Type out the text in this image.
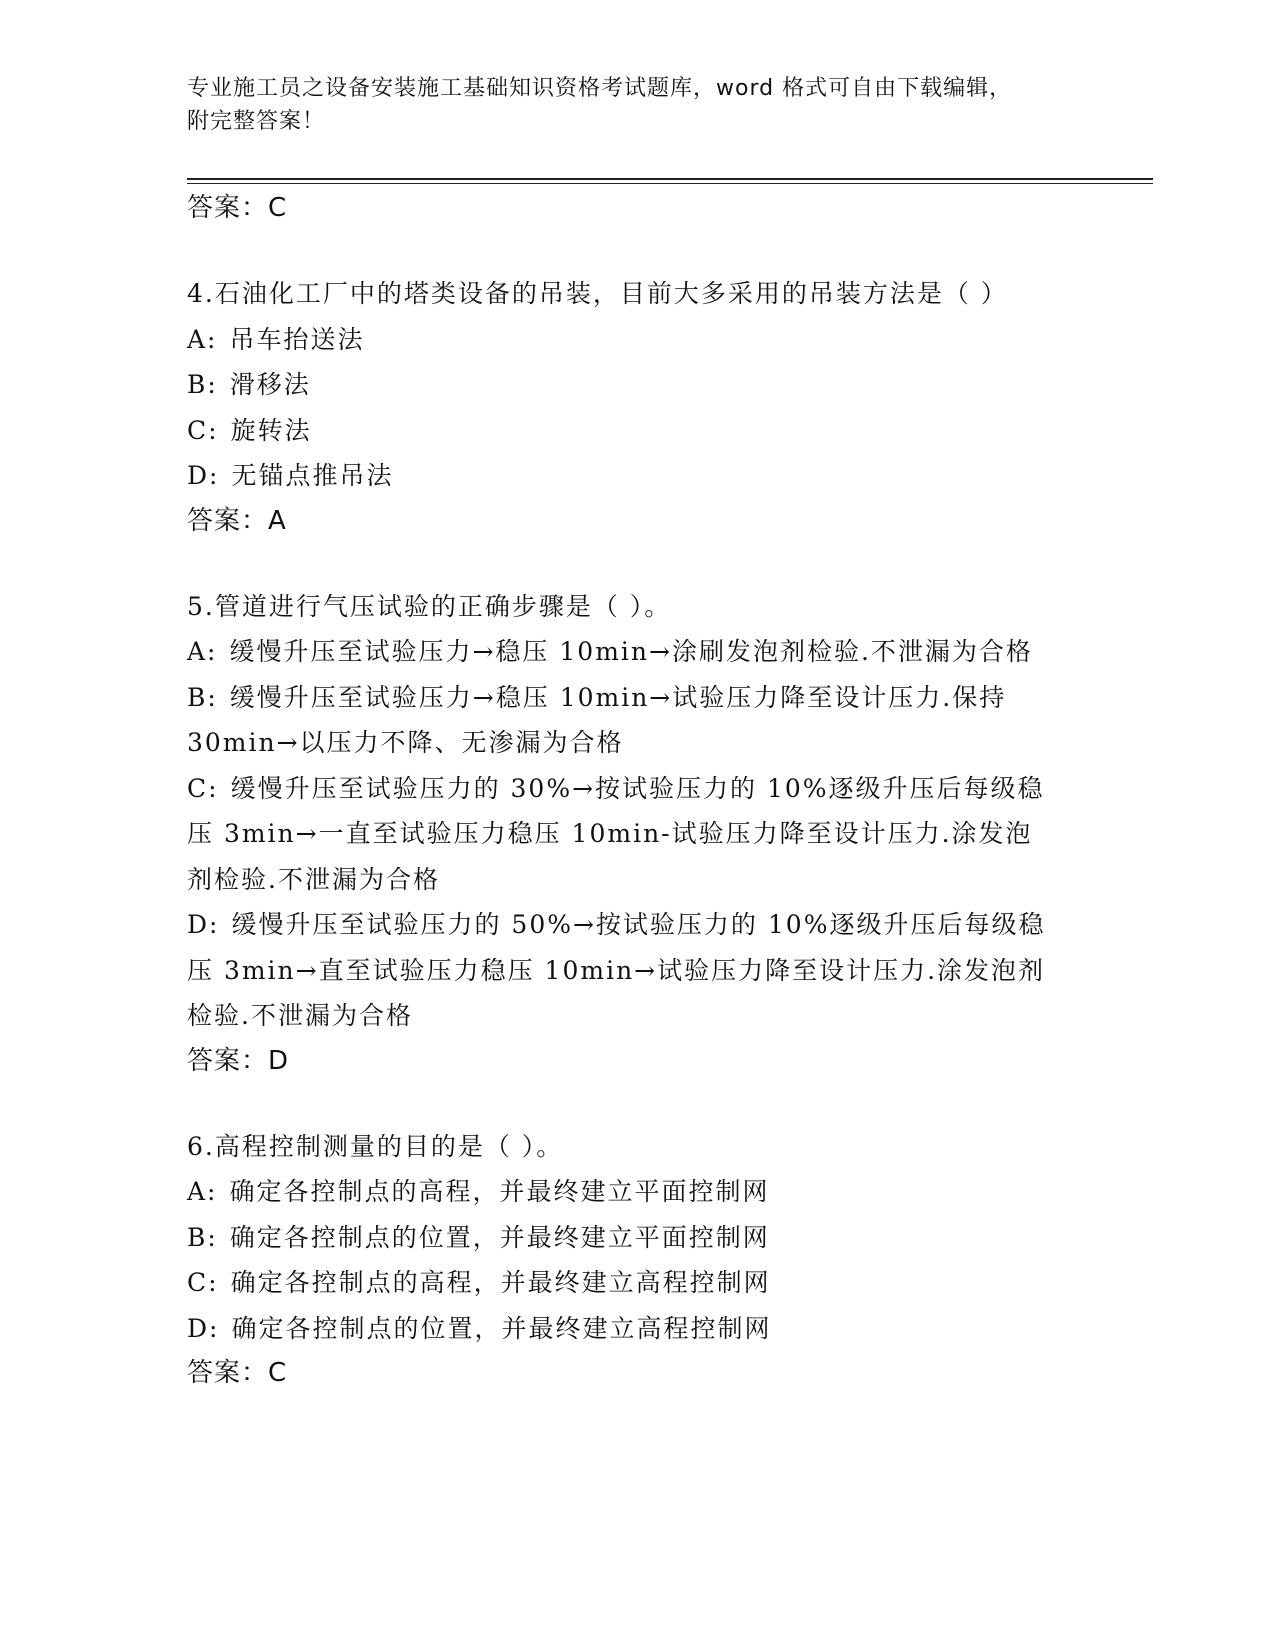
专业施工员之设备安装施工基础知识资格考试题库，word 格式可自由下载编辑，
附完整答案！

答案：C

4.石油化工厂中的塔类设备的吊装，目前大多采用的吊装方法是（ ）

A: 吊车抬送法
B: 滑移法
C: 旋转法
D: 无锚点推吊法

答案：A

5.管道进行气压试验的正确步骤是（ ）。

A: 缓慢升压至试验压力→稳压 10min→涂刷发泡剂检验.不泄漏为合格
B: 缓慢升压至试验压力→稳压 10min→试验压力降至设计压力.保持
30min→以压力不降、无渗漏为合格
C: 缓慢升压至试验压力的 30%→按试验压力的 10%逐级升压后每级稳
压 3min→一直至试验压力稳压 10min-试验压力降至设计压力.涂发泡
剂检验.不泄漏为合格
D: 缓慢升压至试验压力的 50%→按试验压力的 10%逐级升压后每级稳
压 3min→直至试验压力稳压 10min→试验压力降至设计压力.涂发泡剂
检验.不泄漏为合格

答案：D

6.高程控制测量的目的是（ ）。

A: 确定各控制点的高程，并最终建立平面控制网
B: 确定各控制点的位置，并最终建立平面控制网
C: 确定各控制点的高程，并最终建立高程控制网
D: 确定各控制点的位置，并最终建立高程控制网

答案：C
